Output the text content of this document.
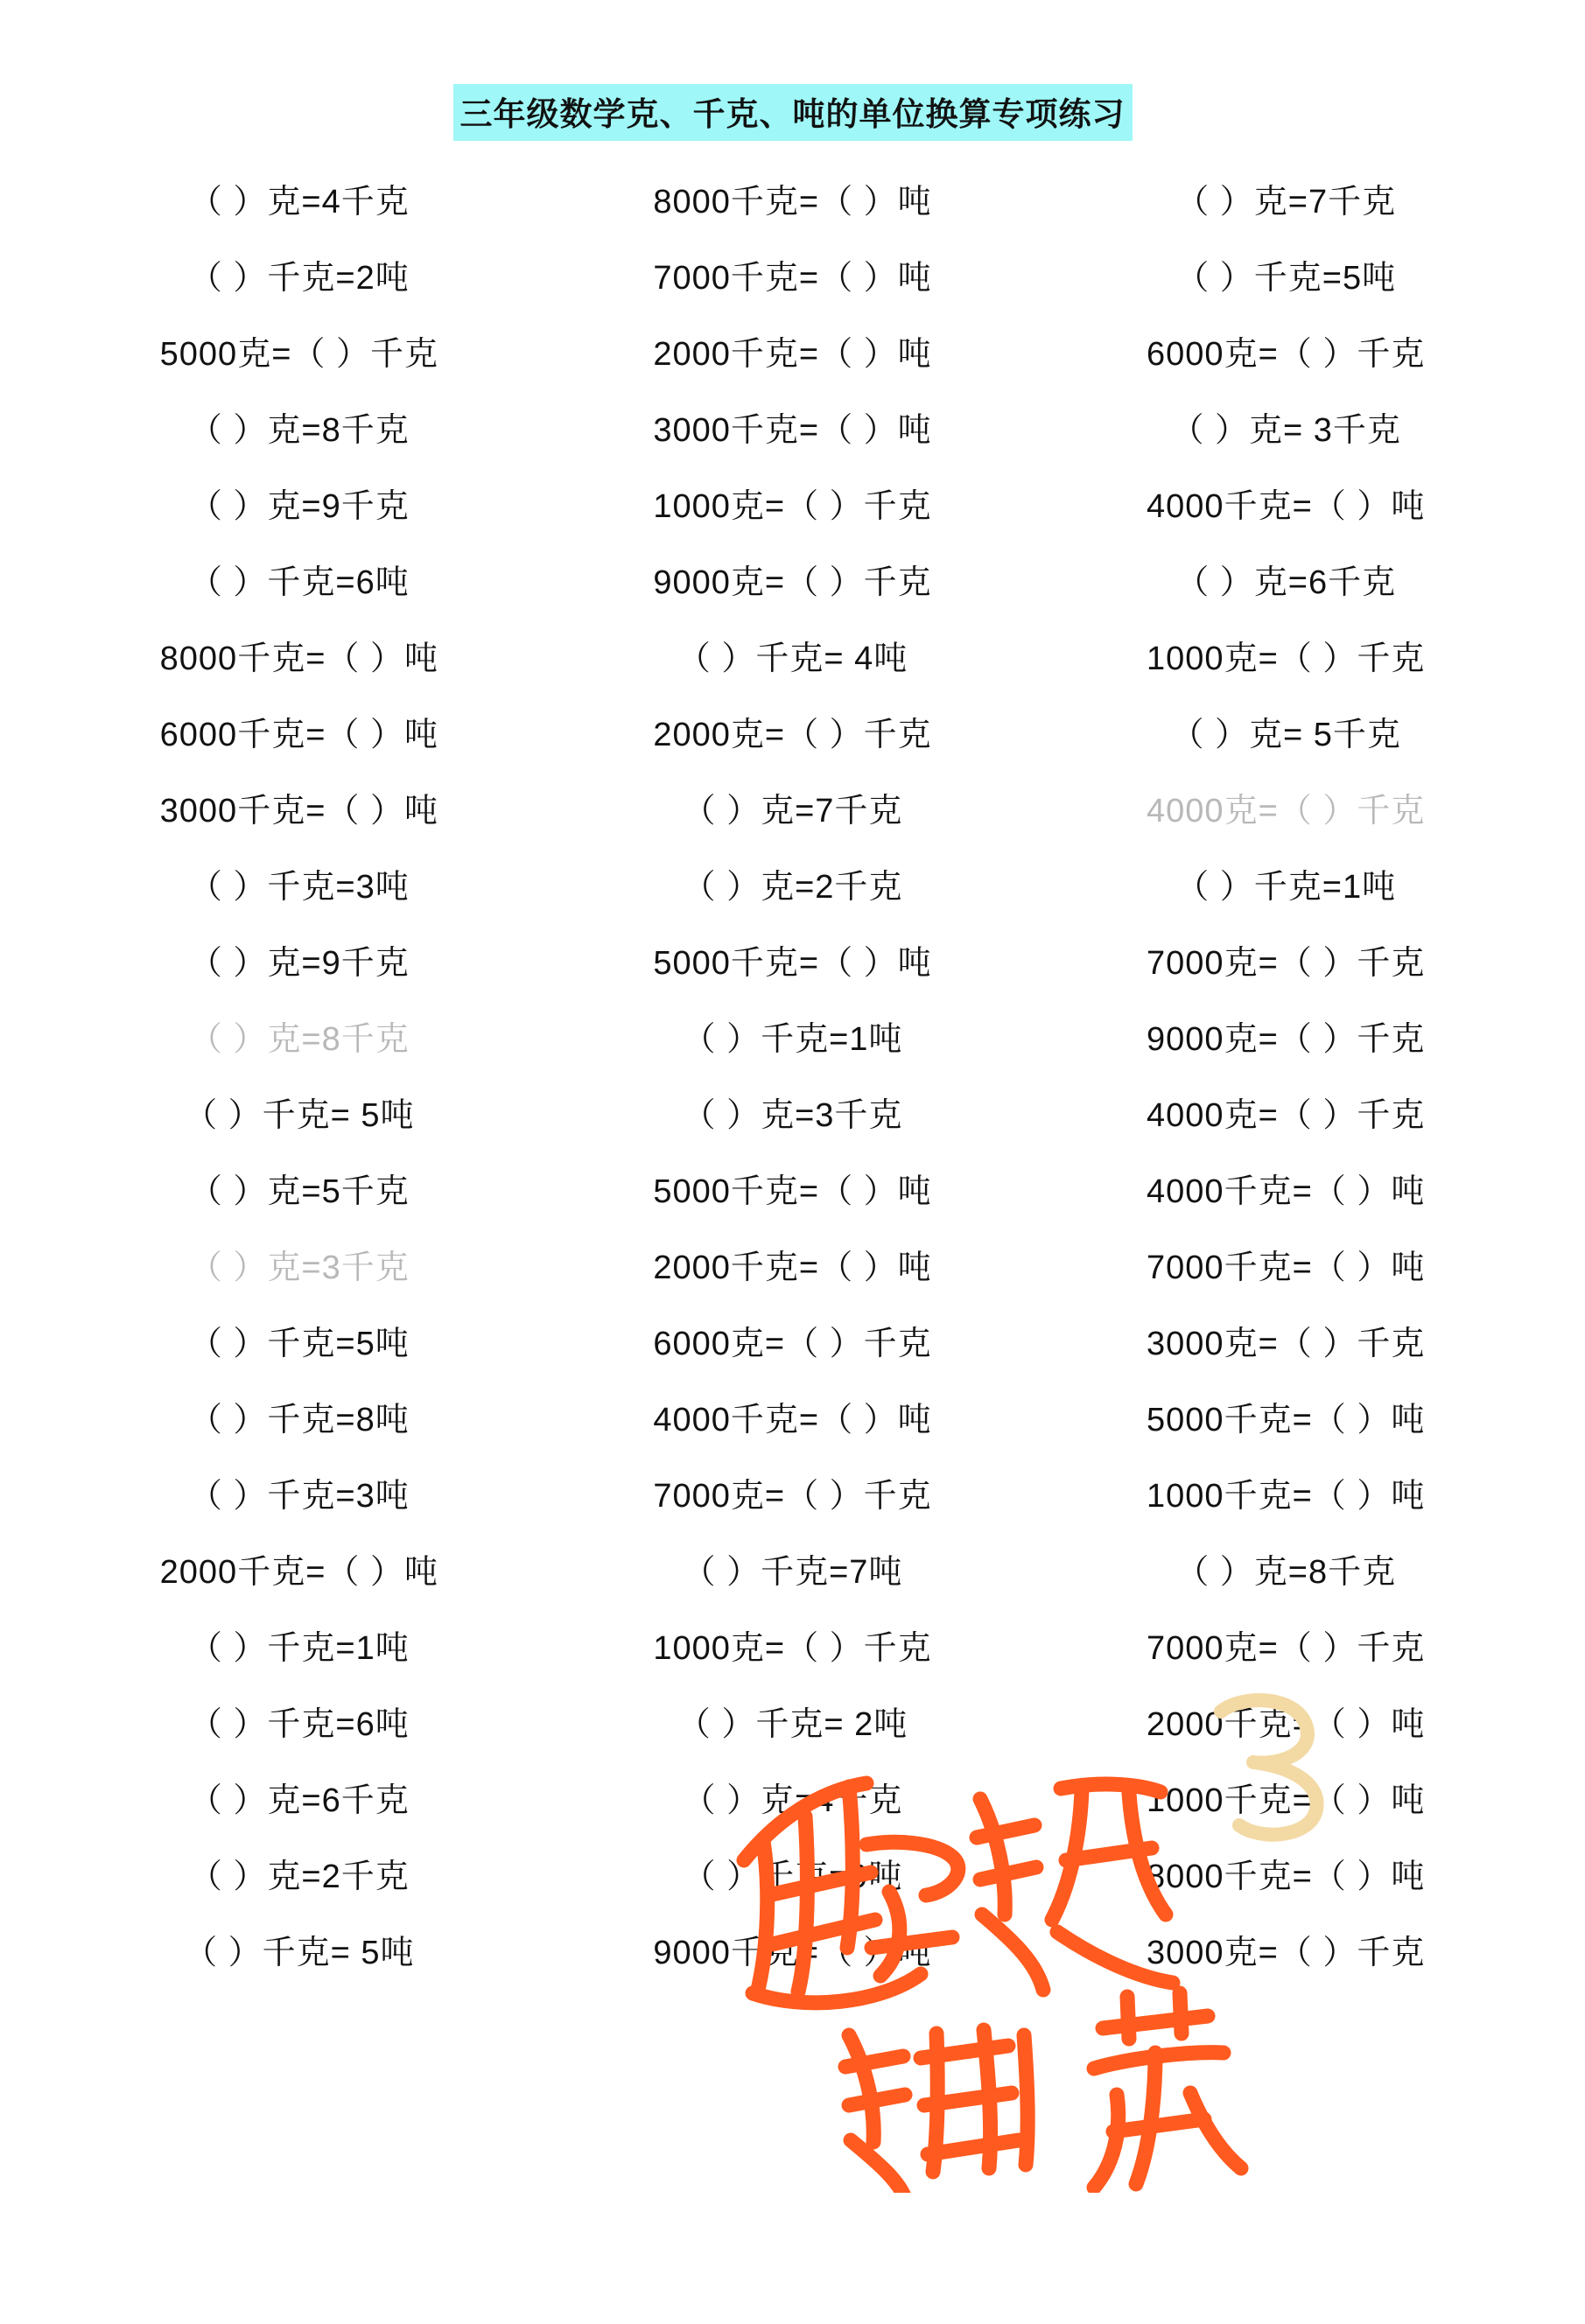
三年级数学克、千克、吨的单位换算专项练习
（ ）克=4千克	8000千克=（ ）吨	（ ）克=7千克
（ ）千克=2吨	7000千克=（ ）吨	（ ）千克=5吨
5000克=（ ）千克	2000千克=（ ）吨	6000克=（ ）千克
（ ）克=8千克	3000千克=（ ）吨	（ ）克= 3千克
（ ）克=9千克	1000克=（ ）千克	4000千克=（ ）吨
（ ）千克=6吨	9000克=（ ）千克	（ ）克=6千克
8000千克=（ ）吨	（ ）千克= 4吨	1000克=（ ）千克
6000千克=（ ）吨	2000克=（ ）千克	（ ）克= 5千克
3000千克=（ ）吨	（ ）克=7千克	4000克=（ ）千克
（ ）千克=3吨	（ ）克=2千克	（ ）千克=1吨
（ ）克=9千克	5000千克=（ ）吨	7000克=（ ）千克
（ ）克=8千克	（ ）千克=1吨	9000克=（ ）千克
（ ）千克= 5吨	（ ）克=3千克	4000克=（ ）千克
（ ）克=5千克	5000千克=（ ）吨	4000千克=（ ）吨
（ ）克=3千克	2000千克=（ ）吨	7000千克=（ ）吨
（ ）千克=5吨	6000克=（ ）千克	3000克=（ ）千克
（ ）千克=8吨	4000千克=（ ）吨	5000千克=（ ）吨
（ ）千克=3吨	7000克=（ ）千克	1000千克=（ ）吨
2000千克=（ ）吨	（ ）千克=7吨	（ ）克=8千克
（ ）千克=1吨	1000克=（ ）千克	7000克=（ ）千克
（ ）千克=6吨	（ ）千克= 2吨	2000千克=（ ）吨
（ ）克=6千克	（ ）克=4千克	1000千克=（ ）吨
（ ）克=2千克	（ ）千克=9吨	8000千克=（ ）吨
（ ）千克= 5吨	9000千克=（ ）吨	3000克=（ ）千克
